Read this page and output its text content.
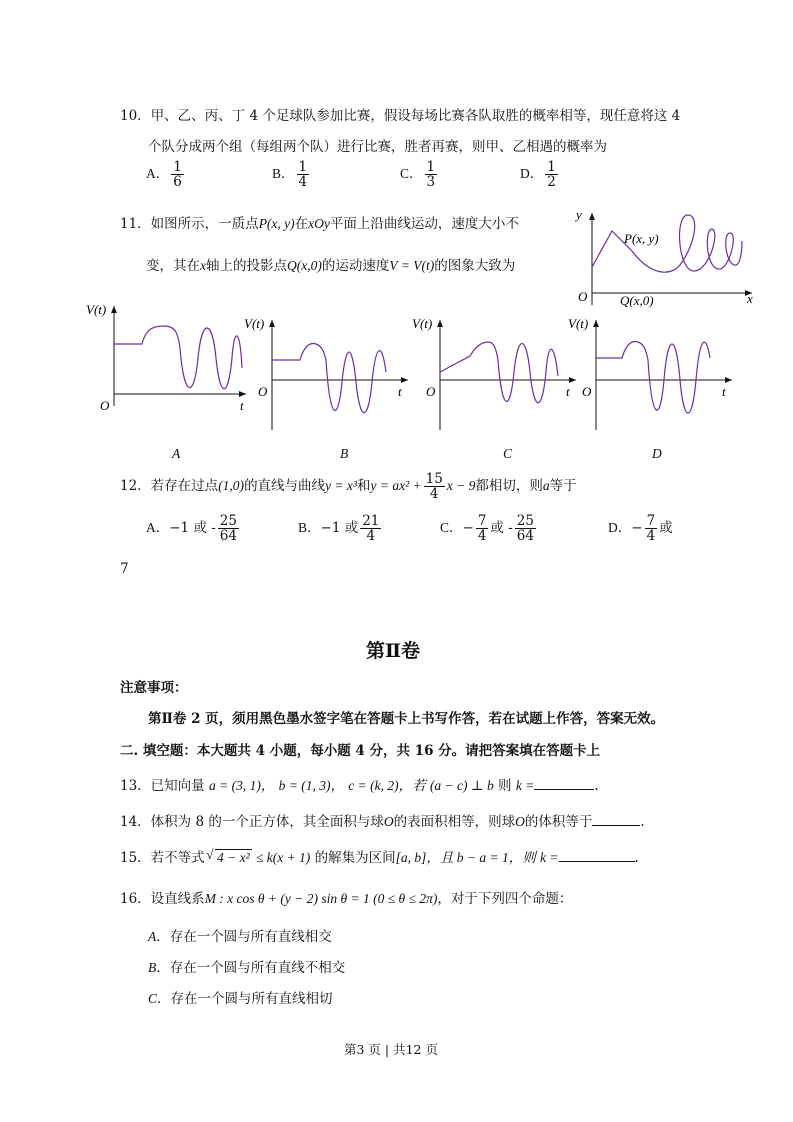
10．甲、乙、丙、丁 4 个足球队参加比赛，假设每场比赛各队取胜的概率相等，现任意将这 4
个队分成两个组（每组两个队）进行比赛，胜者再赛，则甲、乙相遇的概率为
A． $\frac{1}{6}$	B． $\frac{1}{4}$	C． $\frac{1}{3}$	D． $\frac{1}{2}$
11．如图所示，一质点P(x, y)在xOy平面上沿曲线运动，速度大小不
变，其在x轴上的投影点Q(x,0)的运动速度V = V(t)的图象大致为
y
x
O
P(x, y)
Q(x,0)
V(t)
O	t
A
V(t)
O	t
B
V(t)
O	t
C
V(t)
O	t
D
12．若存在过点(1,0)的直线与曲线y = x³和$y = ax^2 + \frac{15}{4}$ x − 9都相切，则a等于
A．−1 或 - $\frac{25}{64}$	B．−1 或 $\frac{21}{4}$	C．− $\frac{7}{4}$ 或 - $\frac{25}{64}$	D．− $\frac{7}{4}$ 或
7
第Ⅱ卷
注意事项：
第Ⅱ卷 2 页，须用黑色墨水签字笔在答题卡上书写作答，若在试题上作答，答案无效。
二. 填空题：本大题共 4 小题，每小题 4 分，共 16 分。请把答案填在答题卡上
13．已知向量 a = (3, 1)， b = (1, 3)， c = (k, 2)，若 (a − c) ⊥ b 则 k =	.
14．体积为 8 的一个正方体，其全面积与球O的表面积相等，则球O的体积等于	.
15．若不等式 √ 4 − x² ≤ k(x + 1) 的解集为区间[a, b]，且 b − a = 1，则 k =	.
16．设直线系M : x cos θ + (y − 2) sin θ = 1 (0 ≤ θ ≤ 2π)，对于下列四个命题：
A．存在一个圆与所有直线相交
B．存在一个圆与所有直线不相交
C．存在一个圆与所有直线相切
第3 页 | 共12 页
